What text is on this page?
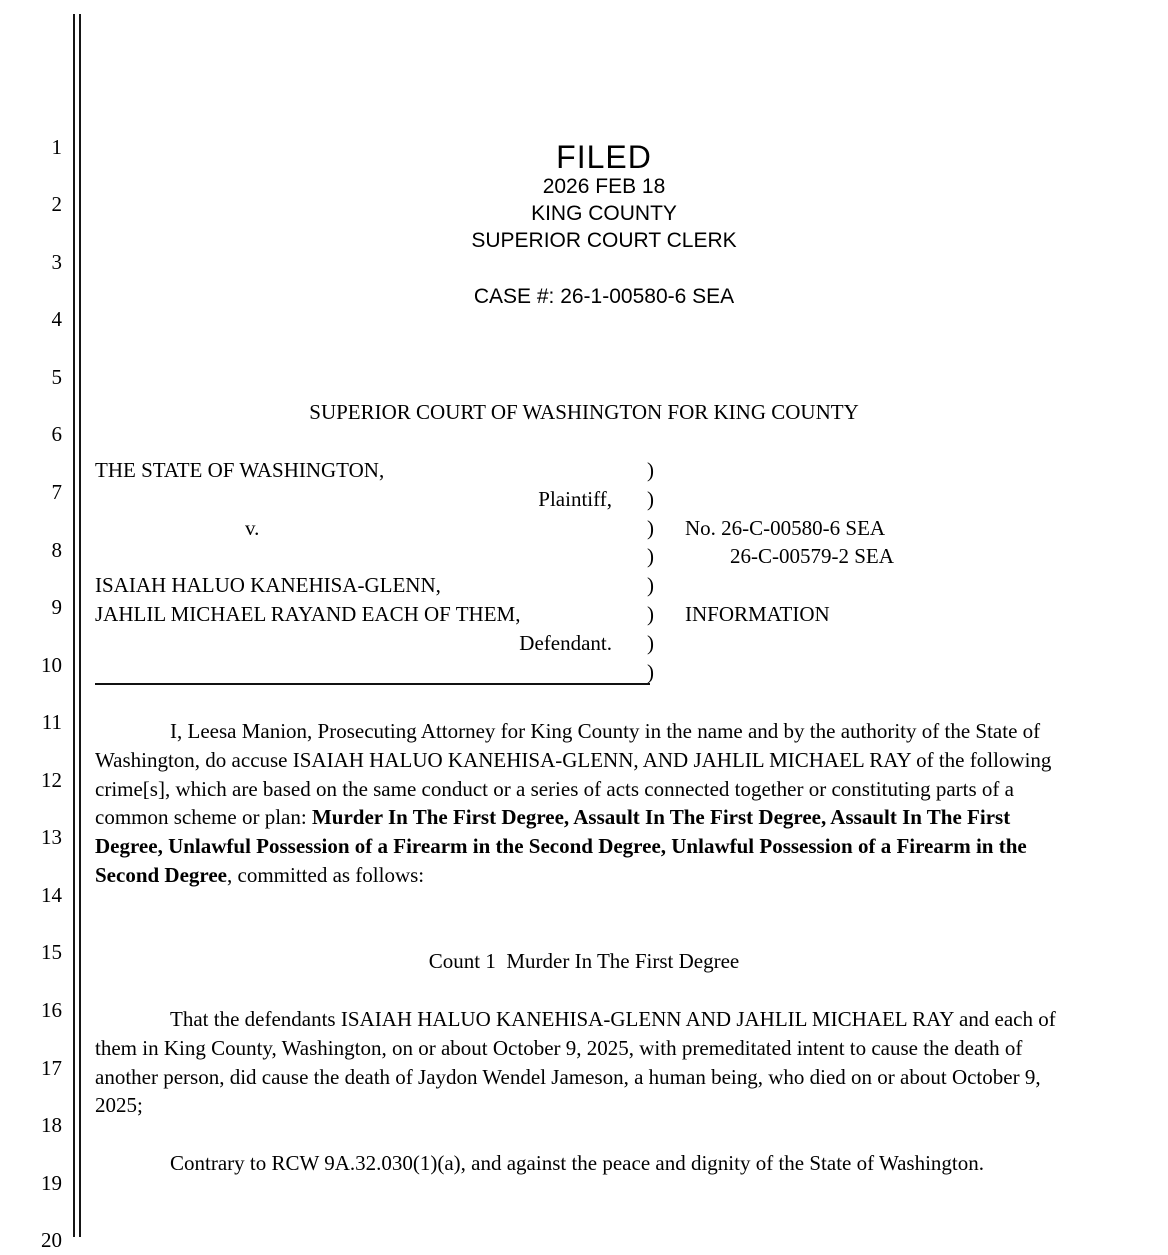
1
2
3
4
5
6
7
8
9
10
11
12
13
14
15
16
17
18
19
20
FILED
2026 FEB 18
KING COUNTY
SUPERIOR COURT CLERK
CASE #: 26-1-00580-6 SEA
SUPERIOR COURT OF WASHINGTON FOR KING COUNTY
THE STATE OF WASHINGTON,
Plaintiff,
v.
ISAIAH HALUO KANEHISA-GLENN,
JAHLIL MICHAEL RAYAND EACH OF THEM,
Defendant.
)
)
)
)
)
)
)
)
No. 26-C-00580-6 SEA
26-C-00579-2 SEA
INFORMATION
I, Leesa Manion, Prosecuting Attorney for King County in the name and by the authority of the State of Washington, do accuse ISAIAH HALUO KANEHISA-GLENN, AND JAHLIL MICHAEL RAY of the following crime[s], which are based on the same conduct or a series of acts connected together or constituting parts of a common scheme or plan: Murder In The First Degree, Assault In The First Degree, Assault In The First Degree, Unlawful Possession of a Firearm in the Second Degree, Unlawful Possession of a Firearm in the Second Degree, committed as follows:
Count 1  Murder In The First Degree
That the defendants ISAIAH HALUO KANEHISA-GLENN AND JAHLIL MICHAEL RAY and each of them in King County, Washington, on or about October 9, 2025, with premeditated intent to cause the death of another person, did cause the death of Jaydon Wendel Jameson, a human being, who died on or about October 9, 2025;
Contrary to RCW 9A.32.030(1)(a), and against the peace and dignity of the State of Washington.
